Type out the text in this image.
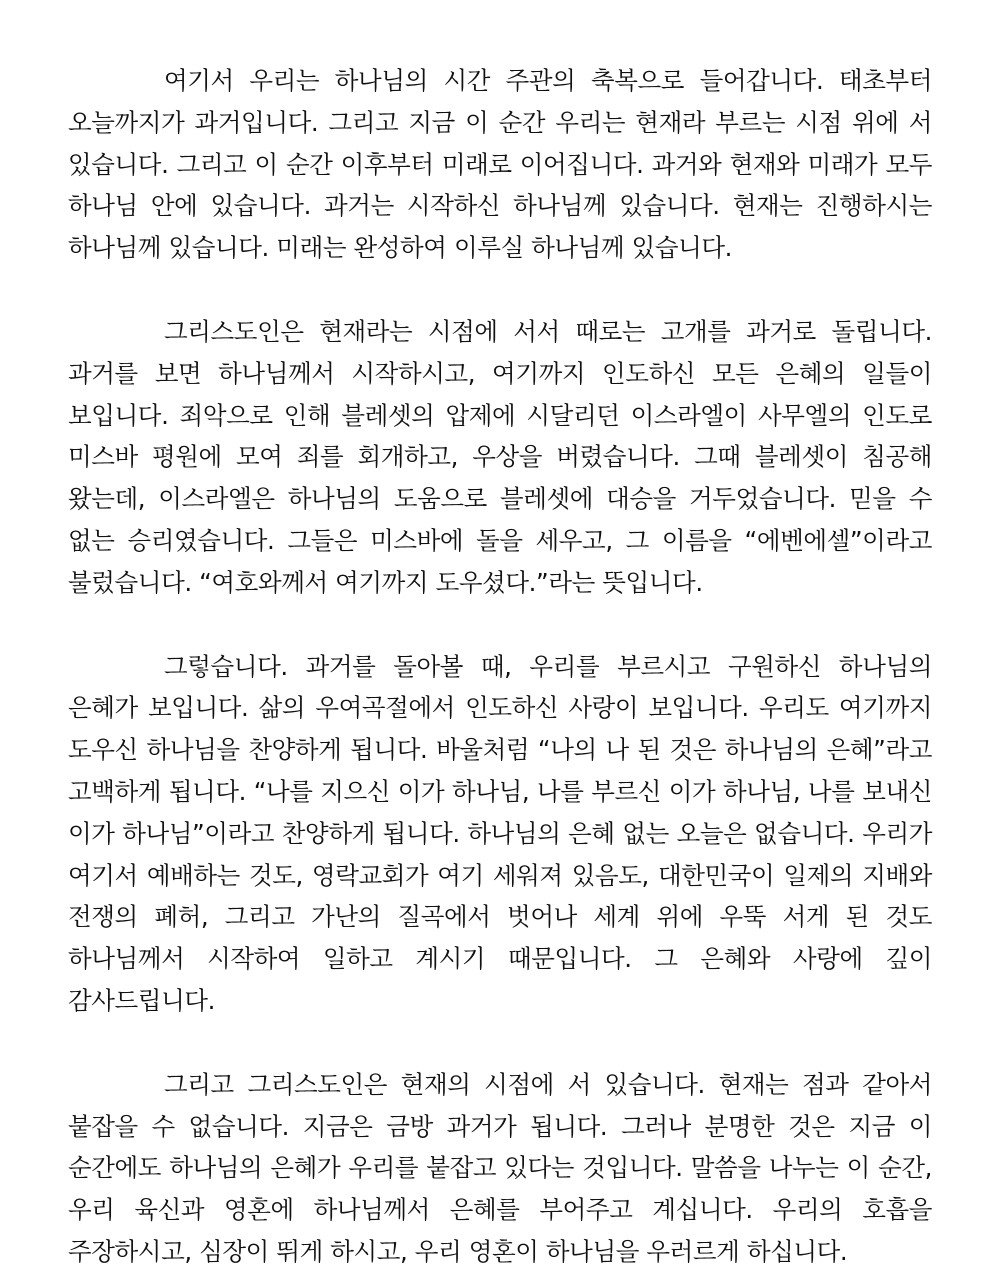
여기서 우리는 하나님의 시간 주관의 축복으로 들어갑니다. 태초부터 오늘까지가 과거입니다. 그리고 지금 이 순간 우리는 현재라 부르는 시점 위에 서 있습니다. 그리고 이 순간 이후부터 미래로 이어집니다. 과거와 현재와 미래가 모두 하나님 안에 있습니다. 과거는 시작하신 하나님께 있습니다. 현재는 진행하시는 하나님께 있습니다. 미래는 완성하여 이루실 하나님께 있습니다.

그리스도인은 현재라는 시점에 서서 때로는 고개를 과거로 돌립니다. 과거를 보면 하나님께서 시작하시고, 여기까지 인도하신 모든 은혜의 일들이 보입니다. 죄악으로 인해 블레셋의 압제에 시달리던 이스라엘이 사무엘의 인도로 미스바 평원에 모여 죄를 회개하고, 우상을 버렸습니다. 그때 블레셋이 침공해 왔는데, 이스라엘은 하나님의 도움으로 블레셋에 대승을 거두었습니다. 믿을 수 없는 승리였습니다. 그들은 미스바에 돌을 세우고, 그 이름을 “에벤에셀”이라고 불렀습니다. “여호와께서 여기까지 도우셨다.”라는 뜻입니다.

그렇습니다. 과거를 돌아볼 때, 우리를 부르시고 구원하신 하나님의 은혜가 보입니다. 삶의 우여곡절에서 인도하신 사랑이 보입니다. 우리도 여기까지 도우신 하나님을 찬양하게 됩니다. 바울처럼 “나의 나 된 것은 하나님의 은혜”라고 고백하게 됩니다. “나를 지으신 이가 하나님, 나를 부르신 이가 하나님, 나를 보내신 이가 하나님”이라고 찬양하게 됩니다. 하나님의 은혜 없는 오늘은 없습니다. 우리가 여기서 예배하는 것도, 영락교회가 여기 세워져 있음도, 대한민국이 일제의 지배와 전쟁의 폐허, 그리고 가난의 질곡에서 벗어나 세계 위에 우뚝 서게 된 것도 하나님께서 시작하여 일하고 계시기 때문입니다. 그 은혜와 사랑에 깊이 감사드립니다.

그리고 그리스도인은 현재의 시점에 서 있습니다. 현재는 점과 같아서 붙잡을 수 없습니다. 지금은 금방 과거가 됩니다. 그러나 분명한 것은 지금 이 순간에도 하나님의 은혜가 우리를 붙잡고 있다는 것입니다. 말씀을 나누는 이 순간, 우리 육신과 영혼에 하나님께서 은혜를 부어주고 계십니다. 우리의 호흡을 주장하시고, 심장이 뛰게 하시고, 우리 영혼이 하나님을 우러르게 하십니다.
